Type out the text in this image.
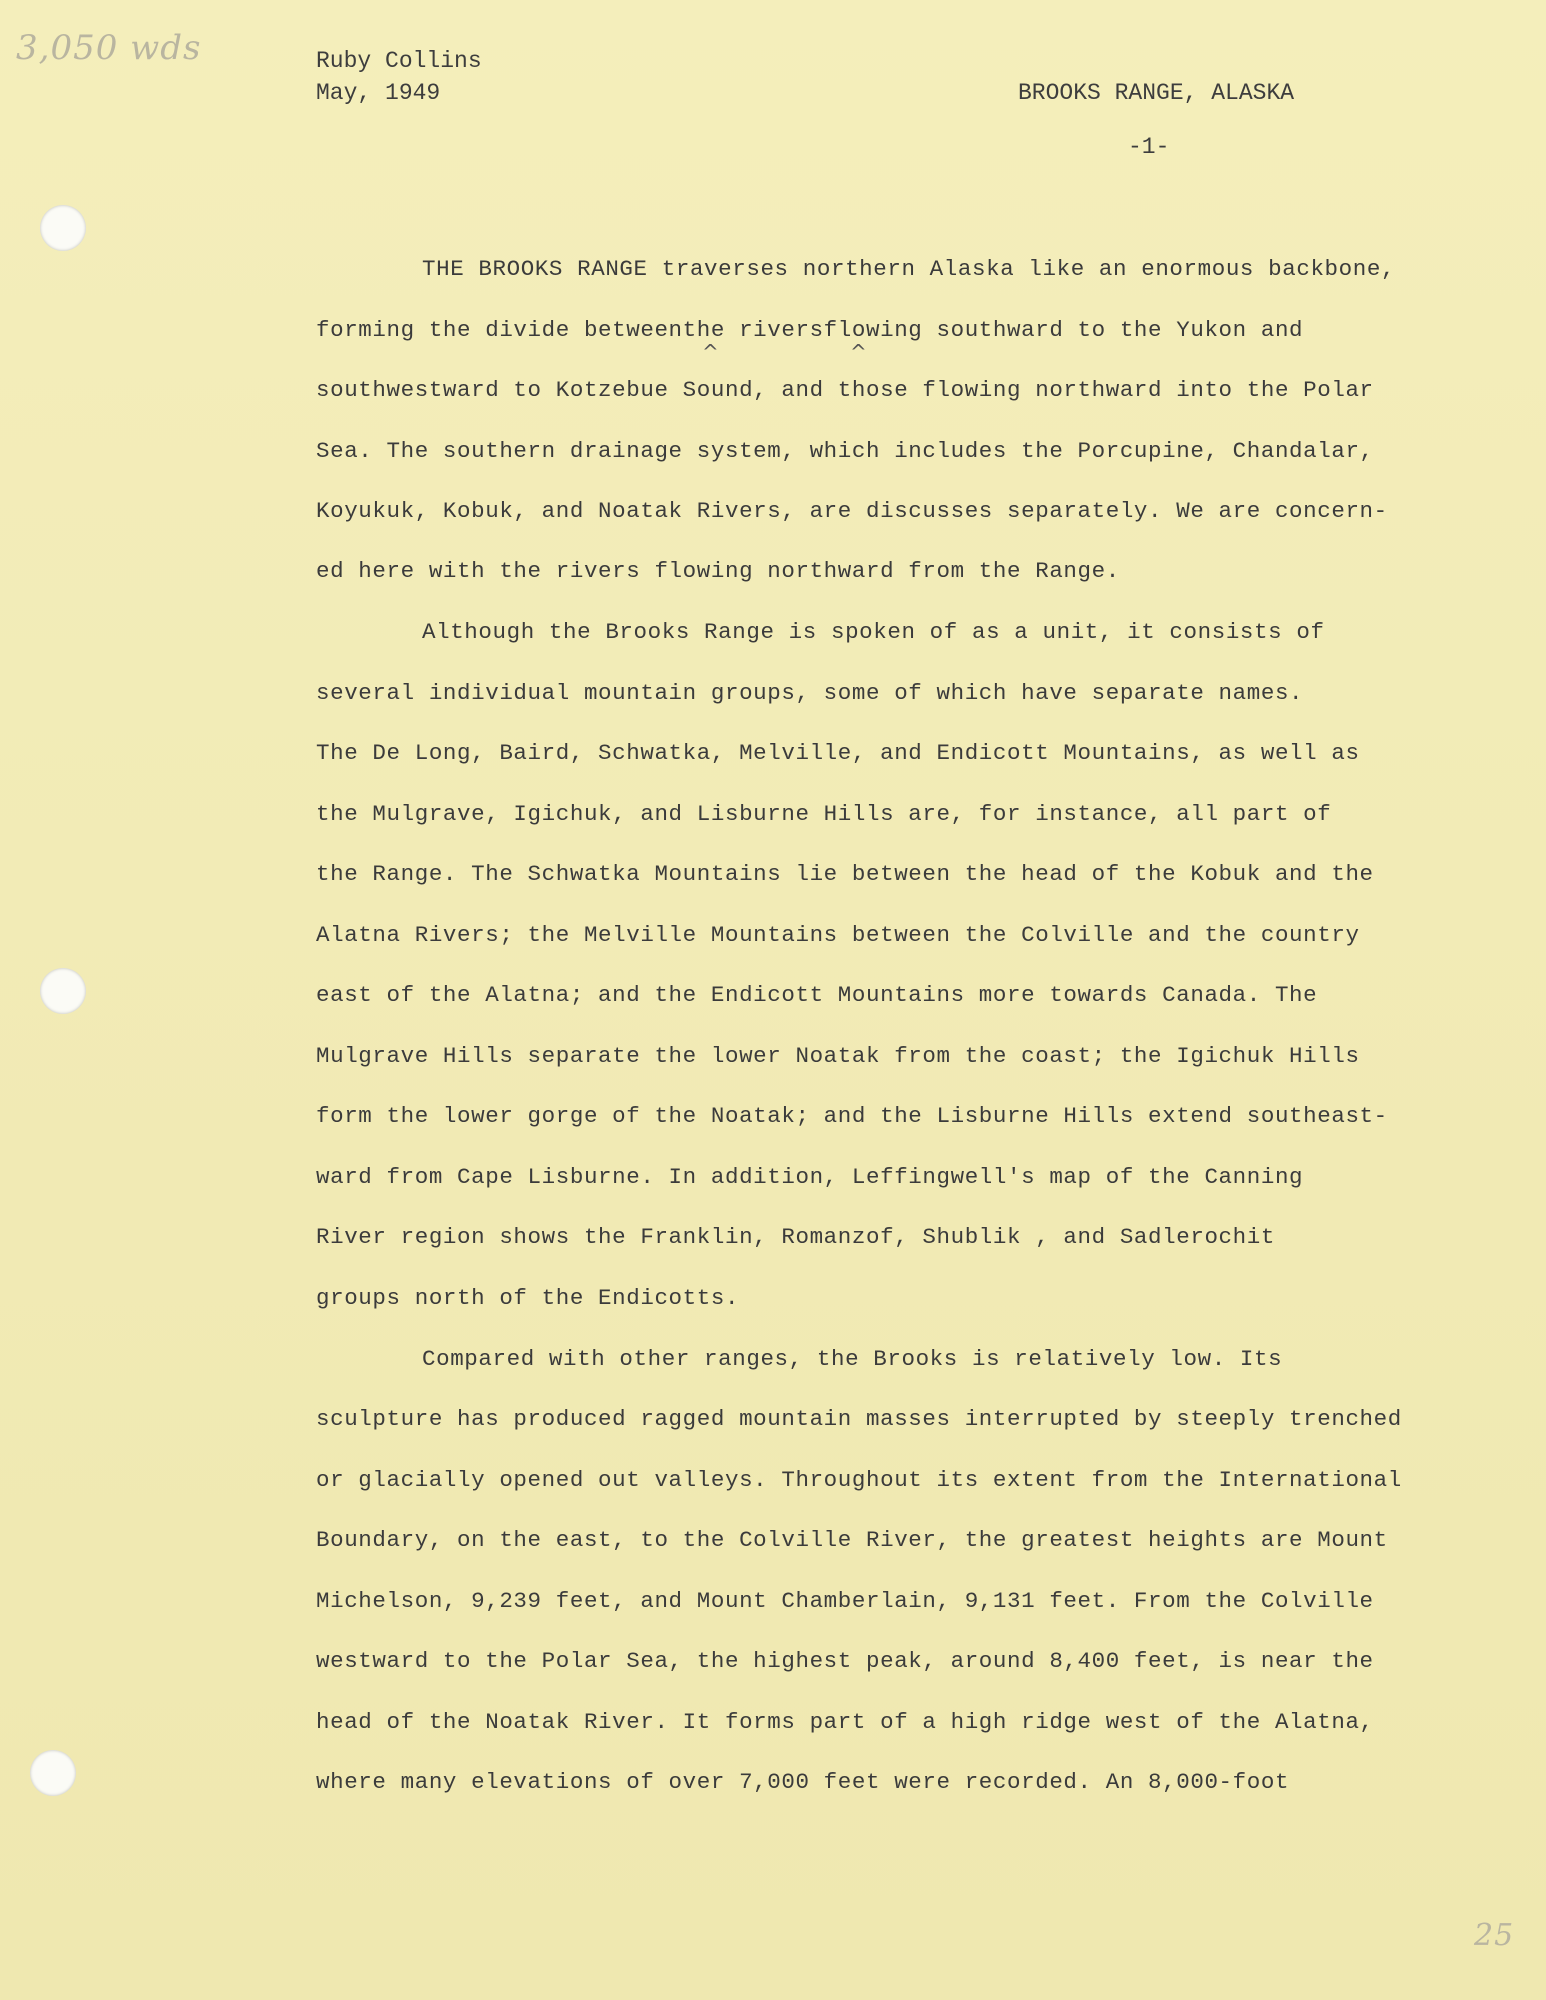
3,050 wds	Ruby Collins
May, 1949	BROOKS RANGE, ALASKA
-1-
THE BROOKS RANGE traverses northern Alaska like an enormous backbone,
forming the divide betweenthe riversflowing southward to the Yukon and
southwestward to Kotzebue Sound, and those flowing northward into the Polar
Sea. The southern drainage system, which includes the Porcupine, Chandalar,
Koyukuk, Kobuk, and Noatak Rivers, are discusses separately. We are concern-
ed here with the rivers flowing northward from the Range.
Although the Brooks Range is spoken of as a unit, it consists of
several individual mountain groups, some of which have separate names.
The De Long, Baird, Schwatka, Melville, and Endicott Mountains, as well as
the Mulgrave, Igichuk, and Lisburne Hills are, for instance, all part of
the Range. The Schwatka Mountains lie between the head of the Kobuk and the
Alatna Rivers; the Melville Mountains between the Colville and the country
east of the Alatna; and the Endicott Mountains more towards Canada. The
Mulgrave Hills separate the lower Noatak from the coast; the Igichuk Hills
form the lower gorge of the Noatak; and the Lisburne Hills extend southeast-
ward from Cape Lisburne. In addition, Leffingwell's map of the Canning
River region shows the Franklin, Romanzof, Shublik , and Sadlerochit
groups north of the Endicotts.
Compared with other ranges, the Brooks is relatively low. Its
sculpture has produced ragged mountain masses interrupted by steeply trenched
or glacially opened out valleys. Throughout its extent from the International
Boundary, on the east, to the Colville River, the greatest heights are Mount
Michelson, 9,239 feet, and Mount Chamberlain, 9,131 feet. From the Colville
westward to the Polar Sea, the highest peak, around 8,400 feet, is near the
head of the Noatak River. It forms part of a high ridge west of the Alatna,
where many elevations of over 7,000 feet were recorded. An 8,000-foot
^	^
25
